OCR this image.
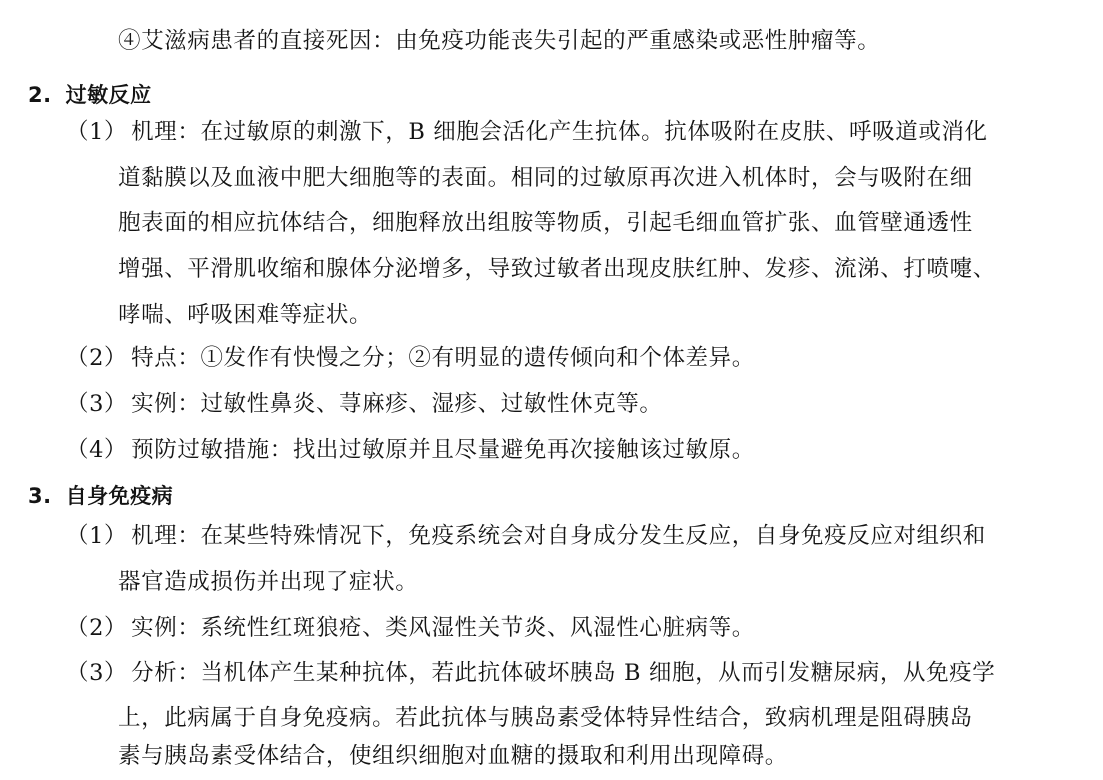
④艾滋病患者的直接死因：由免疫功能丧失引起的严重感染或恶性肿瘤等。
2. 过敏反应
（1） 机理：在过敏原的刺激下，B 细胞会活化产生抗体。抗体吸附在皮肤、呼吸道或消化
道黏膜以及血液中肥大细胞等的表面。相同的过敏原再次进入机体时，会与吸附在细
胞表面的相应抗体结合，细胞释放出组胺等物质，引起毛细血管扩张、血管壁通透性
增强、平滑肌收缩和腺体分泌增多，导致过敏者出现皮肤红肿、发疹、流涕、打喷嚏、
哮喘、呼吸困难等症状。
（2） 特点：①发作有快慢之分；②有明显的遗传倾向和个体差异。
（3） 实例：过敏性鼻炎、荨麻疹、湿疹、过敏性休克等。
（4） 预防过敏措施：找出过敏原并且尽量避免再次接触该过敏原。
3. 自身免疫病
（1） 机理：在某些特殊情况下，免疫系统会对自身成分发生反应，自身免疫反应对组织和
器官造成损伤并出现了症状。
（2） 实例：系统性红斑狼疮、类风湿性关节炎、风湿性心脏病等。
（3） 分析：当机体产生某种抗体，若此抗体破坏胰岛 B 细胞，从而引发糖尿病，从免疫学
上，此病属于自身免疫病。若此抗体与胰岛素受体特异性结合，致病机理是阻碍胰岛
素与胰岛素受体结合，使组织细胞对血糖的摄取和利用出现障碍。
